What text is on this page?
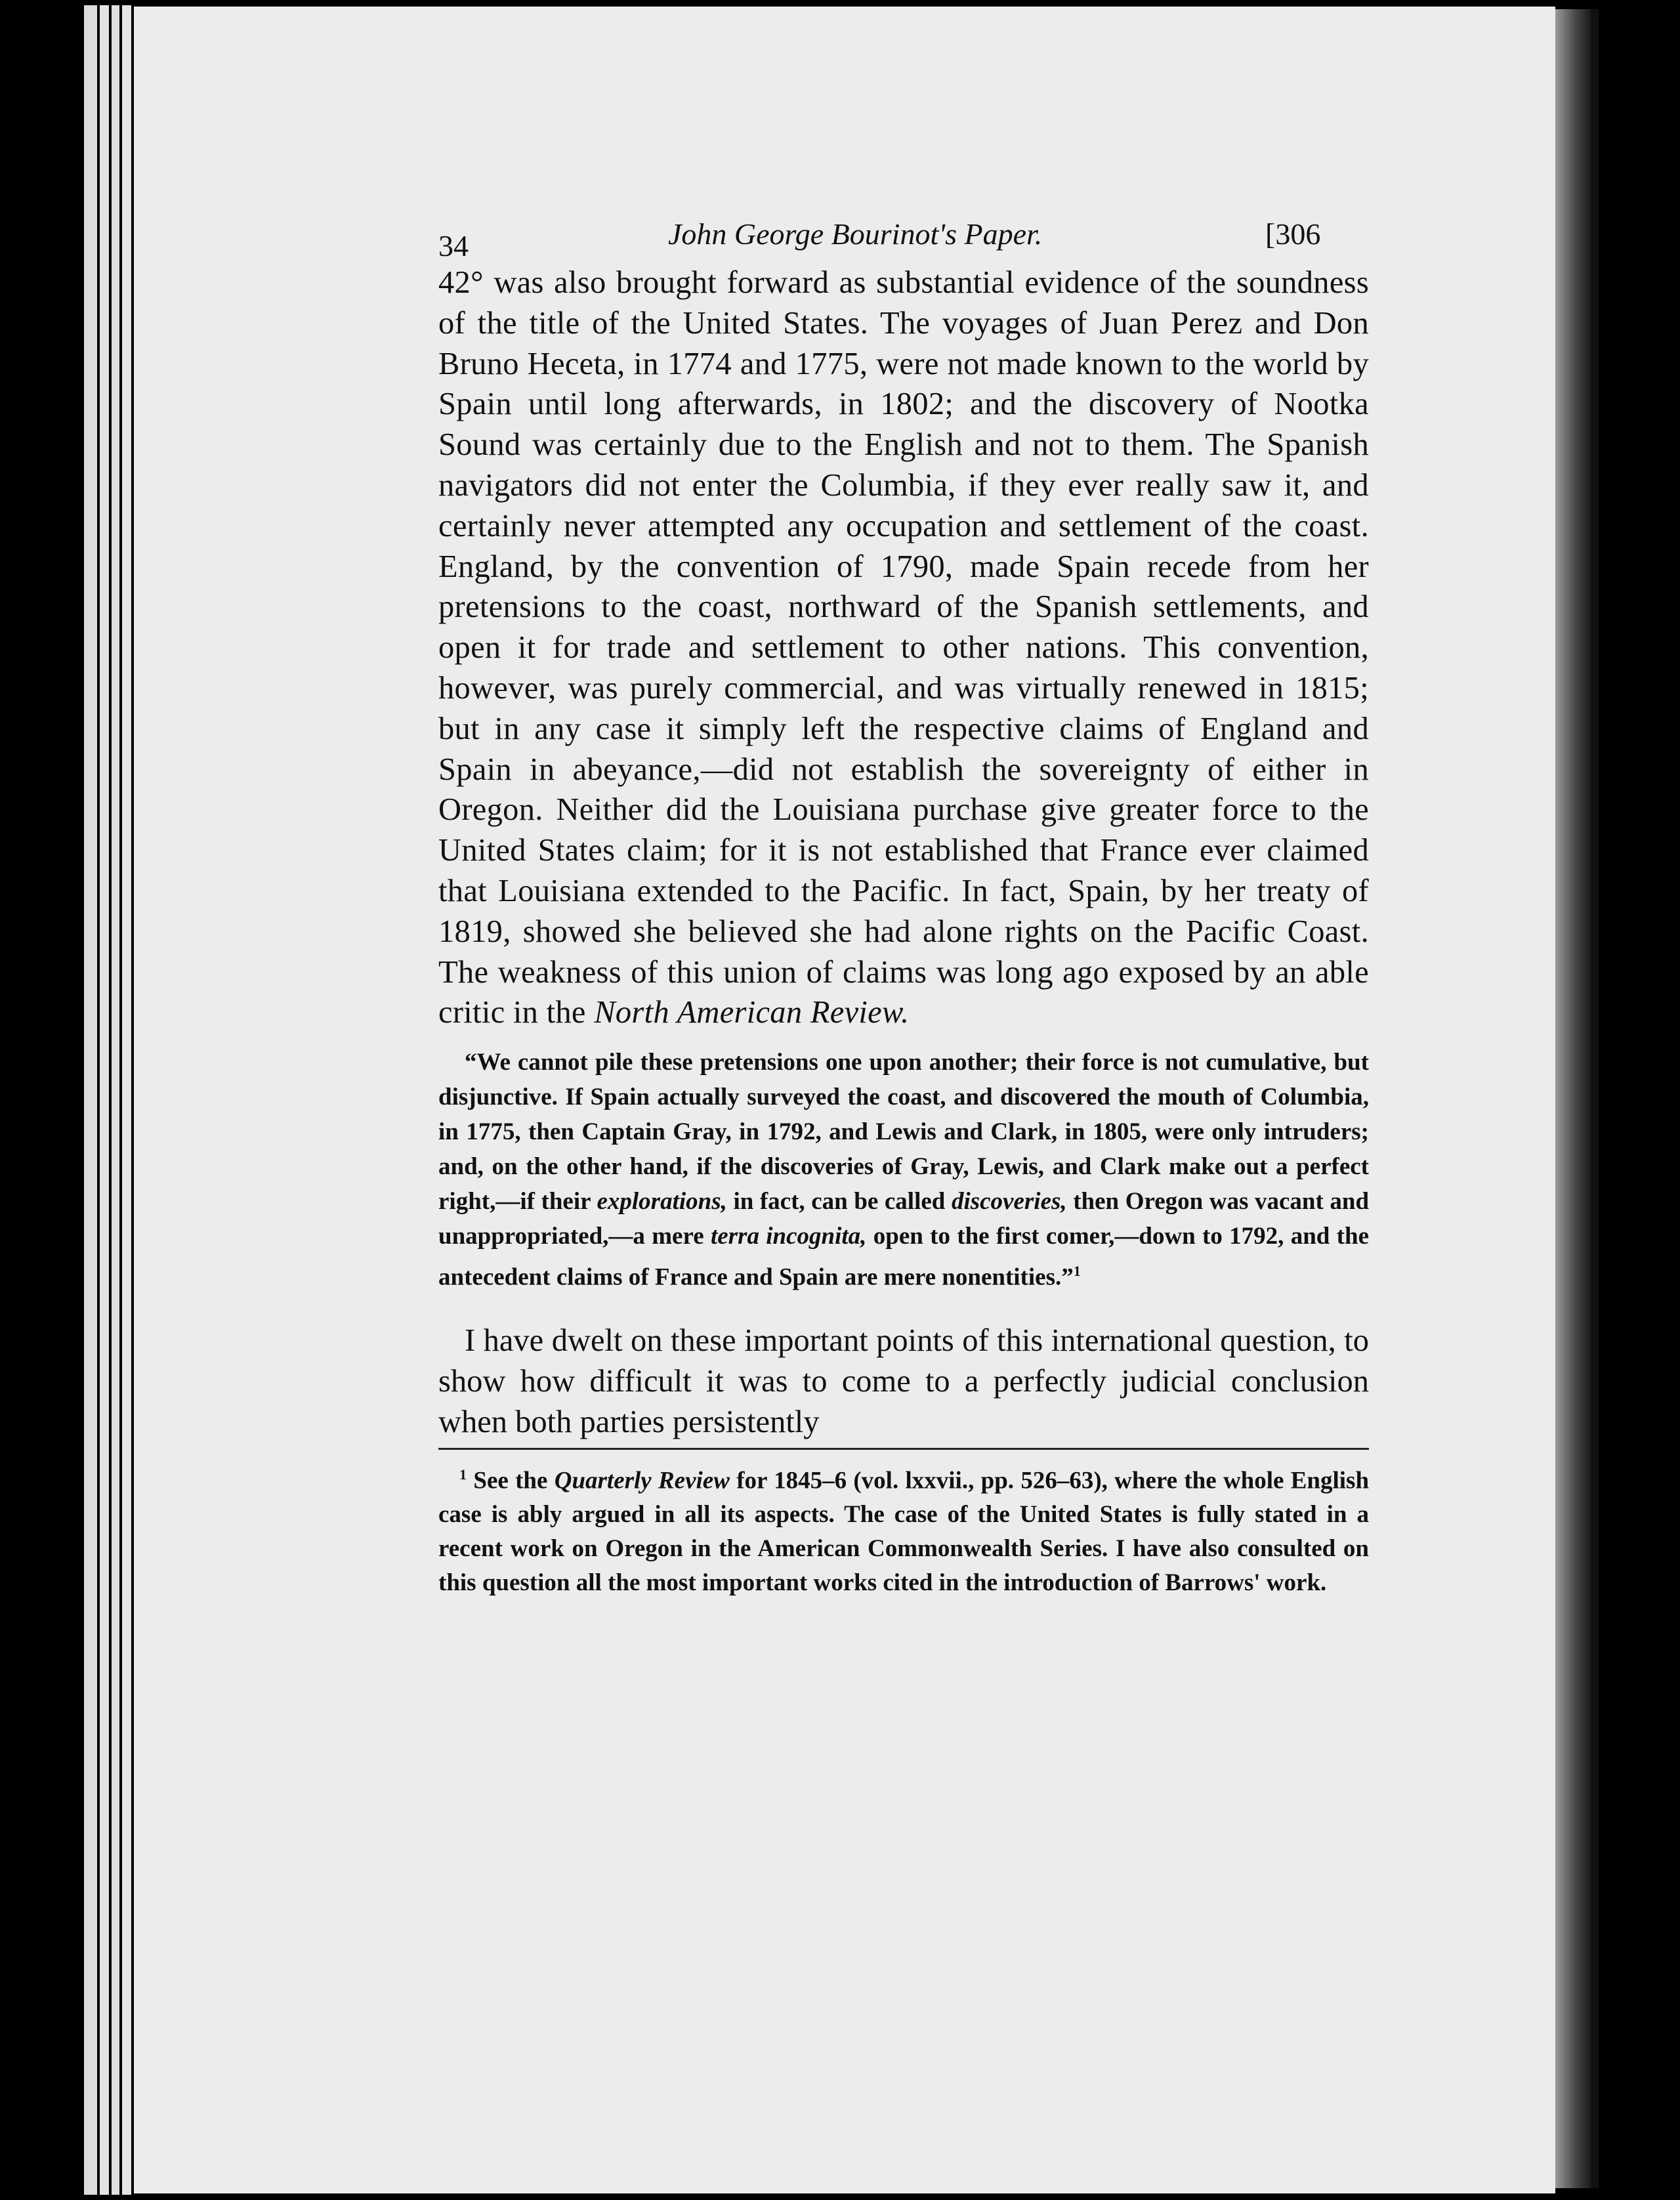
34	John George Bourinot's Paper.	[306

42° was also brought forward as substantial evidence of the soundness of the title of the United States. The voyages of Juan Perez and Don Bruno Heceta, in 1774 and 1775, were not made known to the world by Spain until long afterwards, in 1802; and the discovery of Nootka Sound was certainly due to the English and not to them. The Spanish navigators did not enter the Columbia, if they ever really saw it, and certainly never attempted any occupation and settlement of the coast. England, by the convention of 1790, made Spain recede from her pretensions to the coast, northward of the Spanish settlements, and open it for trade and settlement to other nations. This convention, however, was purely commercial, and was virtually renewed in 1815; but in any case it simply left the respective claims of England and Spain in abeyance,—did not establish the sovereignty of either in Oregon. Neither did the Louisiana purchase give greater force to the United States claim; for it is not established that France ever claimed that Louisiana extended to the Pacific. In fact, Spain, by her treaty of 1819, showed she believed she had alone rights on the Pacific Coast. The weakness of this union of claims was long ago exposed by an able critic in the North American Review.

“We cannot pile these pretensions one upon another; their force is not cumulative, but disjunctive. If Spain actually surveyed the coast, and discovered the mouth of Columbia, in 1775, then Captain Gray, in 1792, and Lewis and Clark, in 1805, were only intruders; and, on the other hand, if the discoveries of Gray, Lewis, and Clark make out a perfect right,—if their explorations, in fact, can be called discoveries, then Oregon was vacant and unappropriated,—a mere terra incognita, open to the first comer,—down to 1792, and the antecedent claims of France and Spain are mere nonentities.”$^1$

I have dwelt on these important points of this international question, to show how difficult it was to come to a perfectly judicial conclusion when both parties persistently

$^1$ See the Quarterly Review for 1845–6 (vol. lxxvii., pp. 526–63), where the whole English case is ably argued in all its aspects. The case of the United States is fully stated in a recent work on Oregon in the American Commonwealth Series. I have also consulted on this question all the most important works cited in the introduction of Barrows' work.
